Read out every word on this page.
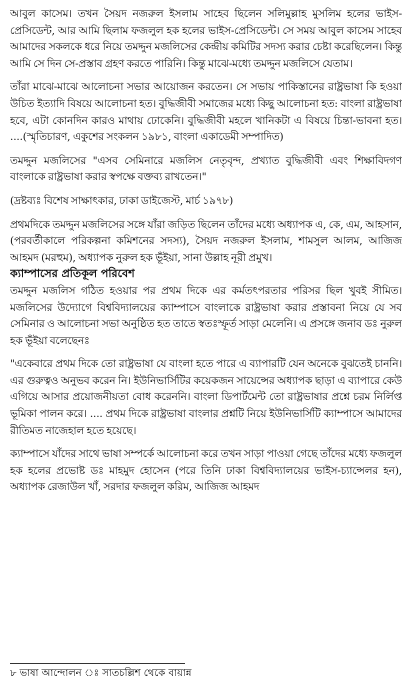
আবুল কাসেম। তখন সৈয়দ নজরুল ইসলাম সাহেব ছিলেন সলিমুল্লাহ মুসলিম হলের ভাইস-প্রেসিডেন্ট, আর আমি ছিলাম ফজলুল হক হলের ভাইস-প্রেসিডেন্ট। সে সময় আবুল কাসেম সাহেব আমাদের সকলকে ধরে নিয়ে তমদ্দুন মজলিসের কেন্দ্রীয় কমিটির সদস্য করার চেষ্টা করেছিলেন। কিন্তু আমি সে দিন সে-প্রস্তাব গ্রহণ করতে পারিনি। কিন্তু মাঝে-মধ্যে তমদ্দুন মজলিসে যেতাম।

তাঁরা মাঝে-মাঝে আলোচনা সভার আয়োজন করতেন। সে সভায় পাকিস্তানের রাষ্ট্রভাষা কি হওয়া উচিত ইত্যাদি বিষয়ে আলোচনা হত। বুদ্ধিজীবী সমাজের মধ্যে কিছু আলোচনা হত: বাংলা রাষ্ট্রভাষা হবে, এটা কোনদিন কারও মাথায় ঢোকেনি। বুদ্ধিজীবী মহলে খানিকটা এ বিষয়ে চিন্তা-ভাবনা হত। ....(স্মৃতিচারণ, একুশের সংকলন ১৯৮১, বাংলা একাডেমী সম্পাদিত)

তমদ্দুন মজলিসের "এসব সেমিনারে মজলিস নেতৃবৃন্দ, প্রখ্যাত বুদ্ধিজীবী এবং শিক্ষাবিদগণ বাংলাকে রাষ্ট্রভাষা করার স্বপক্ষে বক্তব্য রাখতেন।"

(দ্রষ্টব্যঃ বিশেষ সাক্ষাৎকার, ঢাকা ডাইজেস্ট, মার্চ ১৯৭৮)

প্রথমদিকে তমদ্দুন মজলিসের সঙ্গে যাঁরা জড়িত ছিলেন তাঁদের মধ্যে অধ্যাপক এ, কে, এম, আহসান, (পরবর্তীকালে পরিকল্পনা কমিশনের সদস্য), সৈয়দ নজরুল ইসলাম, শামসুল আলম, আজিজ আহমদ (মরহুম), অধ্যাপক নুরুল হক ভূঁইয়া, সানা উল্লাহ নূরী প্রমুখ।

ক্যাম্পাসের প্রতিকূল পরিবেশ

তমদ্দুন মজলিস গঠিত হওয়ার পর প্রথম দিকে এর কর্মতৎপরতার পরিসর ছিল খুবই সীমিত। মজলিসের উদ্যোগে বিশ্ববিদ্যালয়ের ক্যাম্পাসে বাংলাকে রাষ্ট্রভাষা করার প্রস্তাবনা নিয়ে যে সব সেমিনার ও আলোচনা সভা অনুষ্ঠিত হত তাতে স্বতঃস্ফূর্ত সাড়া মেলেনি। এ প্রসঙ্গে জনাব ডঃ নুরুল হক ভূঁইয়া বলেছেনঃ

"একেবারে প্রথম দিকে তো রাষ্ট্রভাষা যে বাংলা হতে পারে এ ব্যাপারটি যেন অনেকে বুঝতেই চাননি। এর গুরুত্বও অনুভব করেন নি। ইউনিভার্সিটির কয়েকজন সায়েন্সের অধ্যাপক ছাড়া এ ব্যাপারে কেউ এগিয়ে আসার প্রয়োজনীয়তা বোধ করেননি। বাংলা ডিপার্টমেন্ট তো রাষ্ট্রভাষার প্রশ্নে চরম নির্লিপ্ত ভূমিকা পালন করে। .... প্রথম দিকে রাষ্ট্রভাষা বাংলার প্রশ্নটি নিয়ে ইউনিভার্সিটি ক্যাম্পাসে আমাদের রীতিমত নাজেহাল হতে হয়েছে।

ক্যাম্পাসে যাঁদের সাথে ভাষা সম্পর্কে আলোচনা করে তখন সাড়া পাওয়া গেছে তাঁদের মধ্যে ফজলুল হক হলের প্রভোষ্ট ডঃ মাহমুদ হোসেন (পরে তিনি ঢাকা বিশ্ববিদ্যালয়ের ভাইস-চ্যান্সেলর হন), অধ্যাপক রেজাউল খাঁ, সরদার ফজলুল করিম, আজিজ আহমদ

৮ ভাষা আন্দোলন ঃ সাতচল্লিশ থেকে বায়ান্ন
